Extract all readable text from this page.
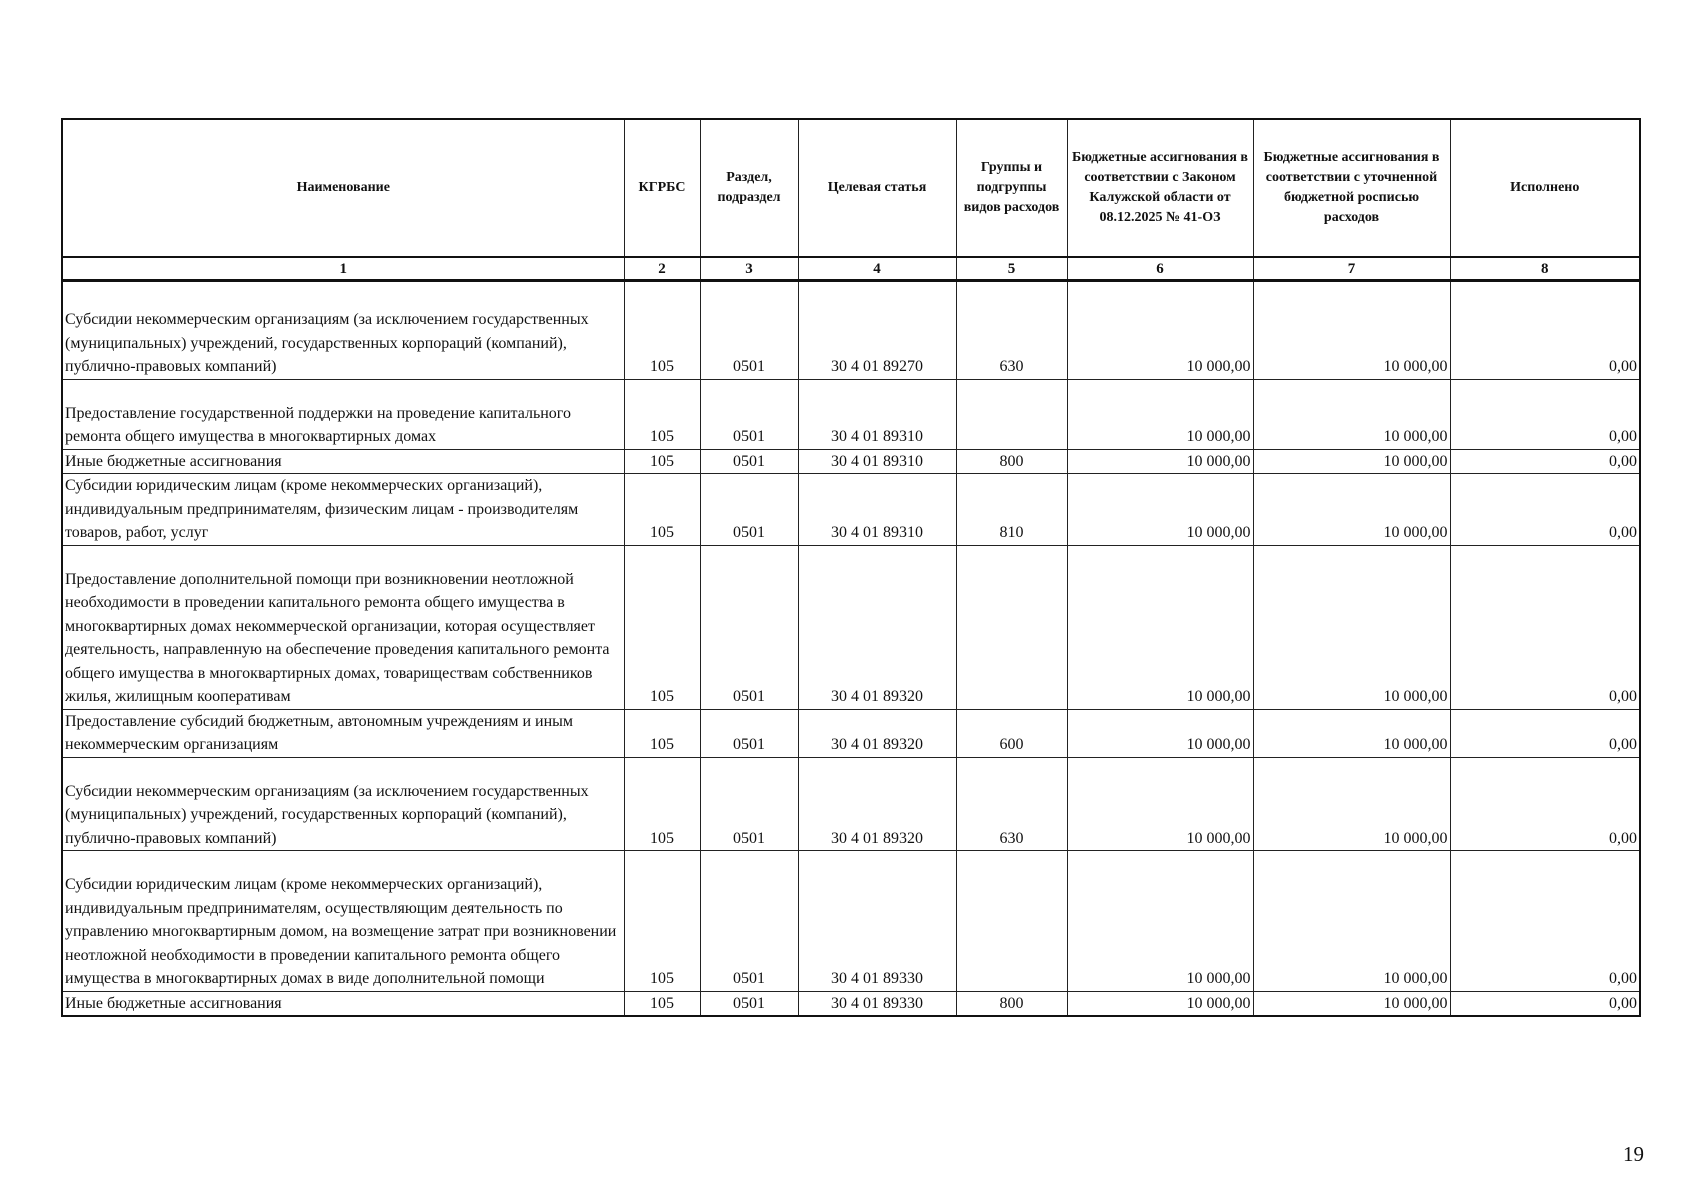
Наименование	КГРБС	Раздел, подраздел	Целевая статья	Группы и подгруппы видов расходов	Бюджетные ассигнования в соответствии с Законом Калужской области от 08.12.2025 № 41-ОЗ	Бюджетные ассигнования в соответствии с уточненной бюджетной росписью расходов	Исполнено
1	2	3	4	5	6	7	8
Субсидии некоммерческим организациям (за исключением государственных (муниципальных) учреждений, государственных корпораций (компаний), публично-правовых компаний)	105	0501	30 4 01 89270	630	10 000,00	10 000,00	0,00
Предоставление государственной поддержки на проведение капитального ремонта общего имущества в многоквартирных домах	105	0501	30 4 01 89310		10 000,00	10 000,00	0,00
Иные бюджетные ассигнования	105	0501	30 4 01 89310	800	10 000,00	10 000,00	0,00
Субсидии юридическим лицам (кроме некоммерческих организаций), индивидуальным предпринимателям, физическим лицам - производителям товаров, работ, услуг	105	0501	30 4 01 89310	810	10 000,00	10 000,00	0,00
Предоставление дополнительной помощи при возникновении неотложной необходимости в проведении капитального ремонта общего имущества в многоквартирных домах некоммерческой организации, которая осуществляет деятельность, направленную на обеспечение проведения капитального ремонта общего имущества в многоквартирных домах, товариществам собственников жилья, жилищным кооперативам	105	0501	30 4 01 89320		10 000,00	10 000,00	0,00
Предоставление субсидий бюджетным, автономным учреждениям и иным некоммерческим организациям	105	0501	30 4 01 89320	600	10 000,00	10 000,00	0,00
Субсидии некоммерческим организациям (за исключением государственных (муниципальных) учреждений, государственных корпораций (компаний), публично-правовых компаний)	105	0501	30 4 01 89320	630	10 000,00	10 000,00	0,00
Субсидии юридическим лицам (кроме некоммерческих организаций), индивидуальным предпринимателям, осуществляющим деятельность по управлению многоквартирным домом, на возмещение затрат при возникновении неотложной необходимости в проведении капитального ремонта общего имущества в многоквартирных домах в виде дополнительной помощи	105	0501	30 4 01 89330		10 000,00	10 000,00	0,00
Иные бюджетные ассигнования	105	0501	30 4 01 89330	800	10 000,00	10 000,00	0,00
19
